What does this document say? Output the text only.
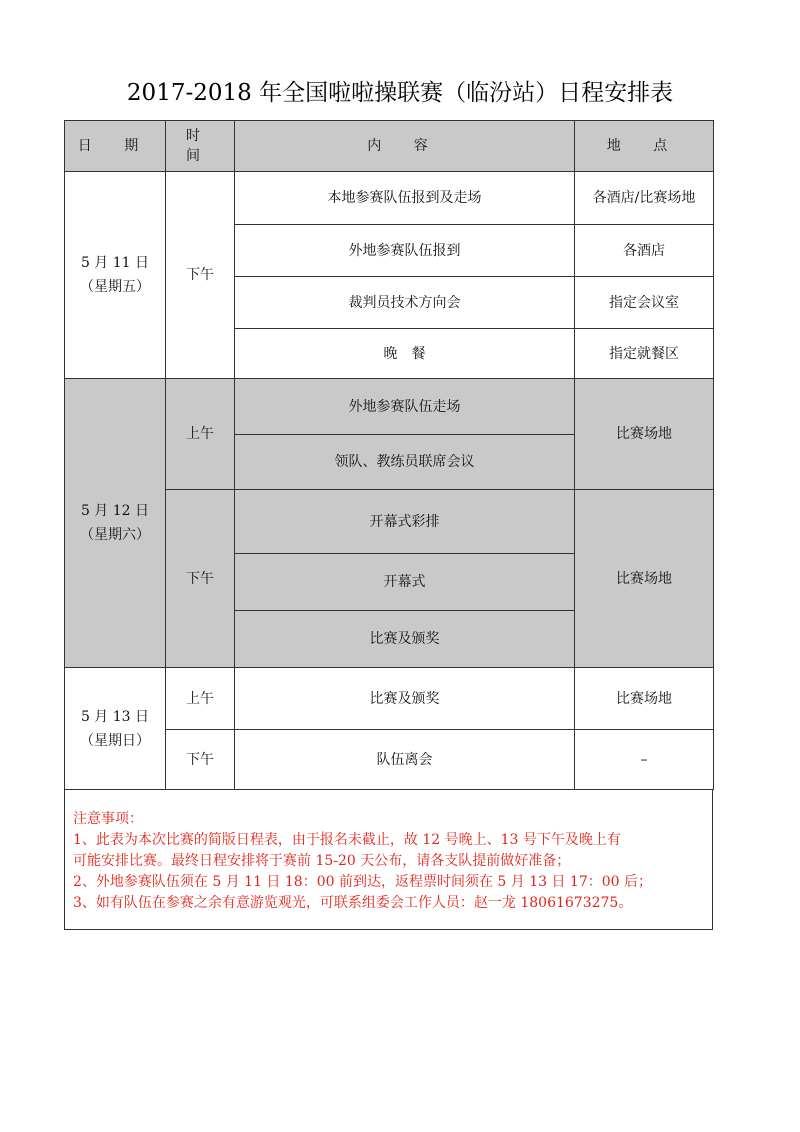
2017-2018 年全国啦啦操联赛（临汾站）日程安排表
日 期	时 间	内 容	地 点

5 月 11 日
（星期五）	下午	本地参赛队伍报到及走场	各酒店/比赛场地
		外地参赛队伍报到	各酒店
		裁判员技术方向会	指定会议室
		晚　餐	指定就餐区

5 月 12 日
（星期六）	上午	外地参赛队伍走场	比赛场地
		领队、教练员联席会议	
	下午	开幕式彩排	比赛场地
		开幕式	
		比赛及颁奖	

5 月 13 日
（星期日）	上午	比赛及颁奖	比赛场地
	下午	队伍离会	–
注意事项：
1、此表为本次比赛的简版日程表，由于报名未截止，故 12 号晚上、13 号下午及晚上有
可能安排比赛。最终日程安排将于赛前 15-20 天公布，请各支队提前做好准备；
2、外地参赛队伍须在 5 月 11 日 18：00 前到达，返程票时间须在 5 月 13 日 17：00 后；
3、如有队伍在参赛之余有意游览观光，可联系组委会工作人员：赵一龙 18061673275。
